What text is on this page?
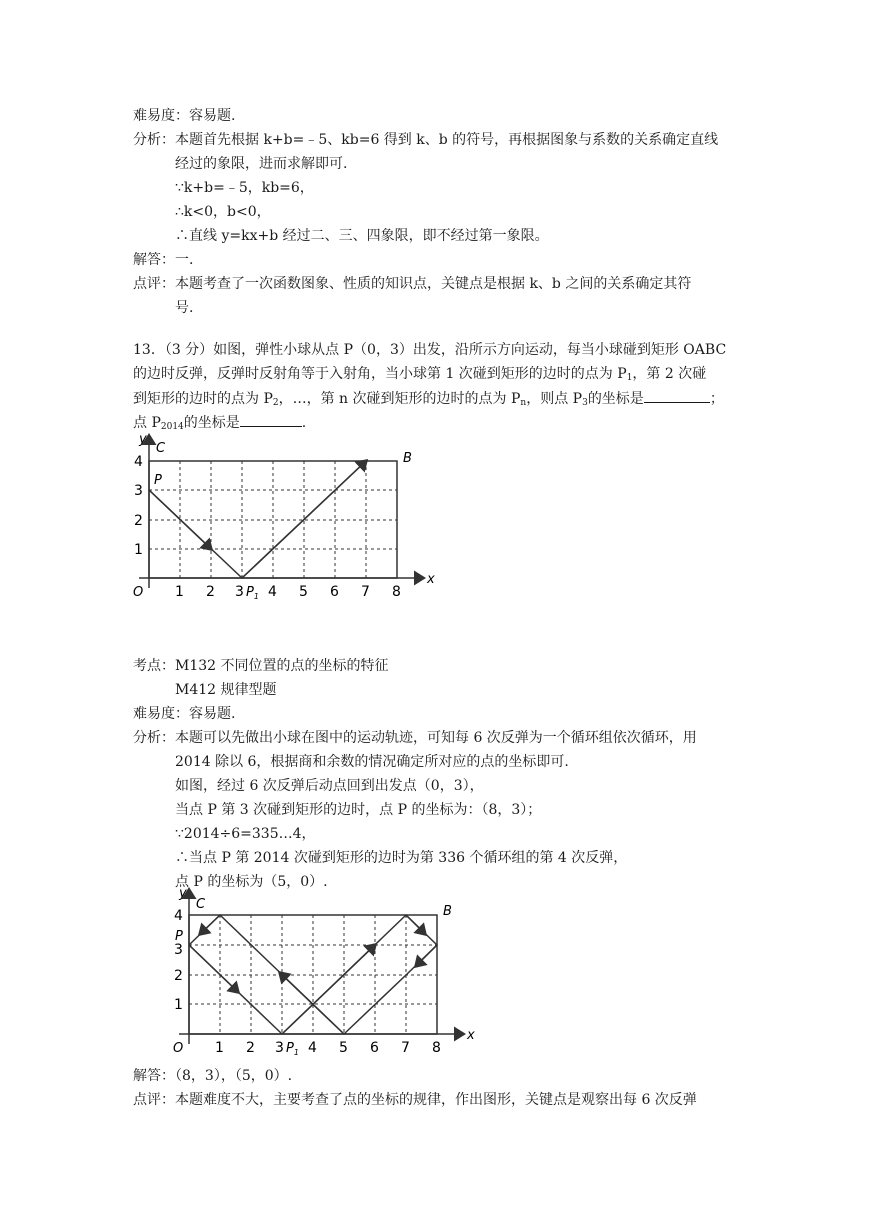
难易度：容易题.
分析：本题首先根据 k+b=﹣5、kb=6 得到 k、b 的符号，再根据图象与系数的关系确定直线
经过的象限，进而求解即可.
∵k+b=﹣5，kb=6，
∴k<0，b<0，
∴直线 y=kx+b 经过二、三、四象限，即不经过第一象限。
解答：一.
点评：本题考查了一次函数图象、性质的知识点，关键点是根据 k、b 之间的关系确定其符
号.
13．（3 分）如图，弹性小球从点 P（0，3）出发，沿所示方向运动，每当小球碰到矩形 OABC
的边时反弹，反弹时反射角等于入射角，当小球第 1 次碰到矩形的边时的点为 $P_1$，第 2 次碰
到矩形的边时的点为 $P_2$，…，第 n 次碰到矩形的边时的点为 $P_n$，则点 $P_3$的坐标是	；
点 $P_{2014}$的坐标是	.
y
x
C
B
P
O	$P_1$
1 2 3 4 5 6 7 8
1
2
3
4
考点：M132 不同位置的点的坐标的特征
M412 规律型题
难易度：容易题.
分析：本题可以先做出小球在图中的运动轨迹，可知每 6 次反弹为一个循环组依次循环，用
2014 除以 6，根据商和余数的情况确定所对应的点的坐标即可.
如图，经过 6 次反弹后动点回到出发点（0，3），
当点 P 第 3 次碰到矩形的边时，点 P 的坐标为：（8，3）；
∵2014÷6=335…4，
∴当点 P 第 2014 次碰到矩形的边时为第 336 个循环组的第 4 次反弹，
点 P 的坐标为（5，0）.
y
x
C	B
P
O	$P_1$
1 2 3 4 5 6 7 8
1
2
3
4
解答：（8，3），（5，0）.
点评：本题难度不大，主要考查了点的坐标的规律，作出图形，关键点是观察出每 6 次反弹
